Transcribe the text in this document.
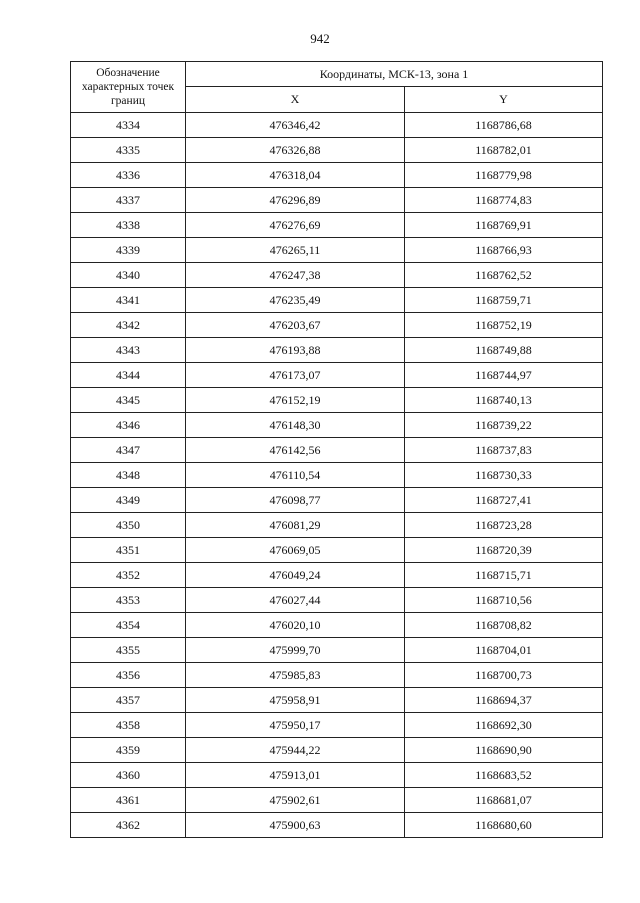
942
Обозначение характерных точек границ	Координаты, МСК-13, зона 1	
	X	Y
4334	476346,42	1168786,68
4335	476326,88	1168782,01
4336	476318,04	1168779,98
4337	476296,89	1168774,83
4338	476276,69	1168769,91
4339	476265,11	1168766,93
4340	476247,38	1168762,52
4341	476235,49	1168759,71
4342	476203,67	1168752,19
4343	476193,88	1168749,88
4344	476173,07	1168744,97
4345	476152,19	1168740,13
4346	476148,30	1168739,22
4347	476142,56	1168737,83
4348	476110,54	1168730,33
4349	476098,77	1168727,41
4350	476081,29	1168723,28
4351	476069,05	1168720,39
4352	476049,24	1168715,71
4353	476027,44	1168710,56
4354	476020,10	1168708,82
4355	475999,70	1168704,01
4356	475985,83	1168700,73
4357	475958,91	1168694,37
4358	475950,17	1168692,30
4359	475944,22	1168690,90
4360	475913,01	1168683,52
4361	475902,61	1168681,07
4362	475900,63	1168680,60
